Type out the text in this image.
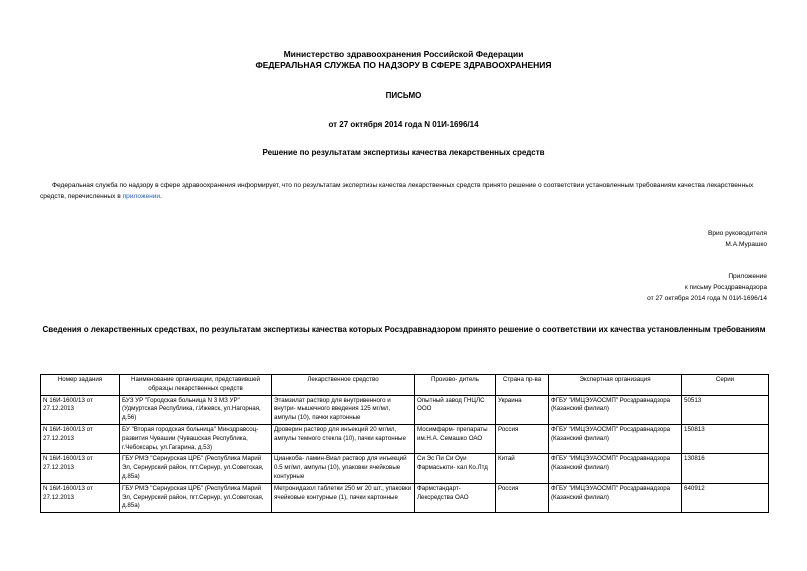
Министерство здравоохранения Российской Федерации
ФЕДЕРАЛЬНАЯ СЛУЖБА ПО НАДЗОРУ В СФЕРЕ ЗДРАВООХРАНЕНИЯ
ПИСЬМО
от 27 октября 2014 года N 01И-1696/14
Решение по результатам экспертизы качества лекарственных средств
Федеральная служба по надзору в сфере здравоохранения информирует, что по результатам экспертизы качества лекарственных средств принято решение о соответствии установленным требованиям качества лекарственных средств, перечисленных в приложении.
Врио руководителя
М.А.Мурашко
Приложение
к письму Росздравнадзора
от 27 октября 2014 года N 01И-1696/14
Сведения о лекарственных средствах, по результатам экспертизы качества которых Росздравнадзором принято решение о соответствии их качества установленным требованиям
Номер задания	Наименование организации, представившей образцы лекарственных средств	Лекарственное средство	Произво- дитель	Страна пр-ва	Экспертная организация	Серии
N 16И-1600/13 от 27.12.2013	БУЗ УР "Городская больница N 3 МЗ УР" (Удмуртская Республика, г.Ижевск, ул.Нагорная, д.56)	Этамзилат раствор для внутривенного и внутри- мышечного введения 125 мг/мл, ампулы (10), пачки картонные	Опытный завод ГНЦЛС ООО	Украина	ФГБУ "ИМЦЭУАОСМП" Росздравнадзора (Казанский филиал)	50513
N 16И-1600/13 от 27.12.2013	БУ "Вторая городская больница" Минздравсоц- развития Чувашии (Чувашская Республика, г.Чебоксары, ул.Гагарина, д.53)	Дроверин раствор для инъекций 20 мг/мл, ампулы темного стекла (10), пачки картонные	Мосимфарм- препараты им.Н.А. Семашко ОАО	Россия	ФГБУ "ИМЦЭУАОСМП" Росздравнадзора (Казанский филиал)	150813
N 16И-1600/13 от 27.12.2013	ГБУ РМЭ "Сернурская ЦРБ" (Республика Марий Эл, Сернурский район, пгт.Сернур, ул.Советская, д.85а)	Цианкоба- ламин-Виал раствор для инъекций 0.5 мг/мл, ампулы (10), упаковки ячейковые контурные	Си Эс Пи Си Оуи Фармасьюти- кал Ко.Лтд	Китай	ФГБУ "ИМЦЭУАОСМП" Росздравнадзора (Казанский филиал)	130816
N 16И-1600/13 от 27.12.2013	ГБУ РМЭ "Сернурская ЦРБ" (Республика Марий Эл, Сернурский район, пгт.Сернур, ул.Советская, д.85а)	Метронидазол таблетки 250 мг 20 шт., упаковки ячейковые контурные (1), пачки картонные	Фармстандарт- Лексредства ОАО	Россия	ФГБУ "ИМЦЭУАОСМП" Росздравнадзора (Казанский филиал)	640912
